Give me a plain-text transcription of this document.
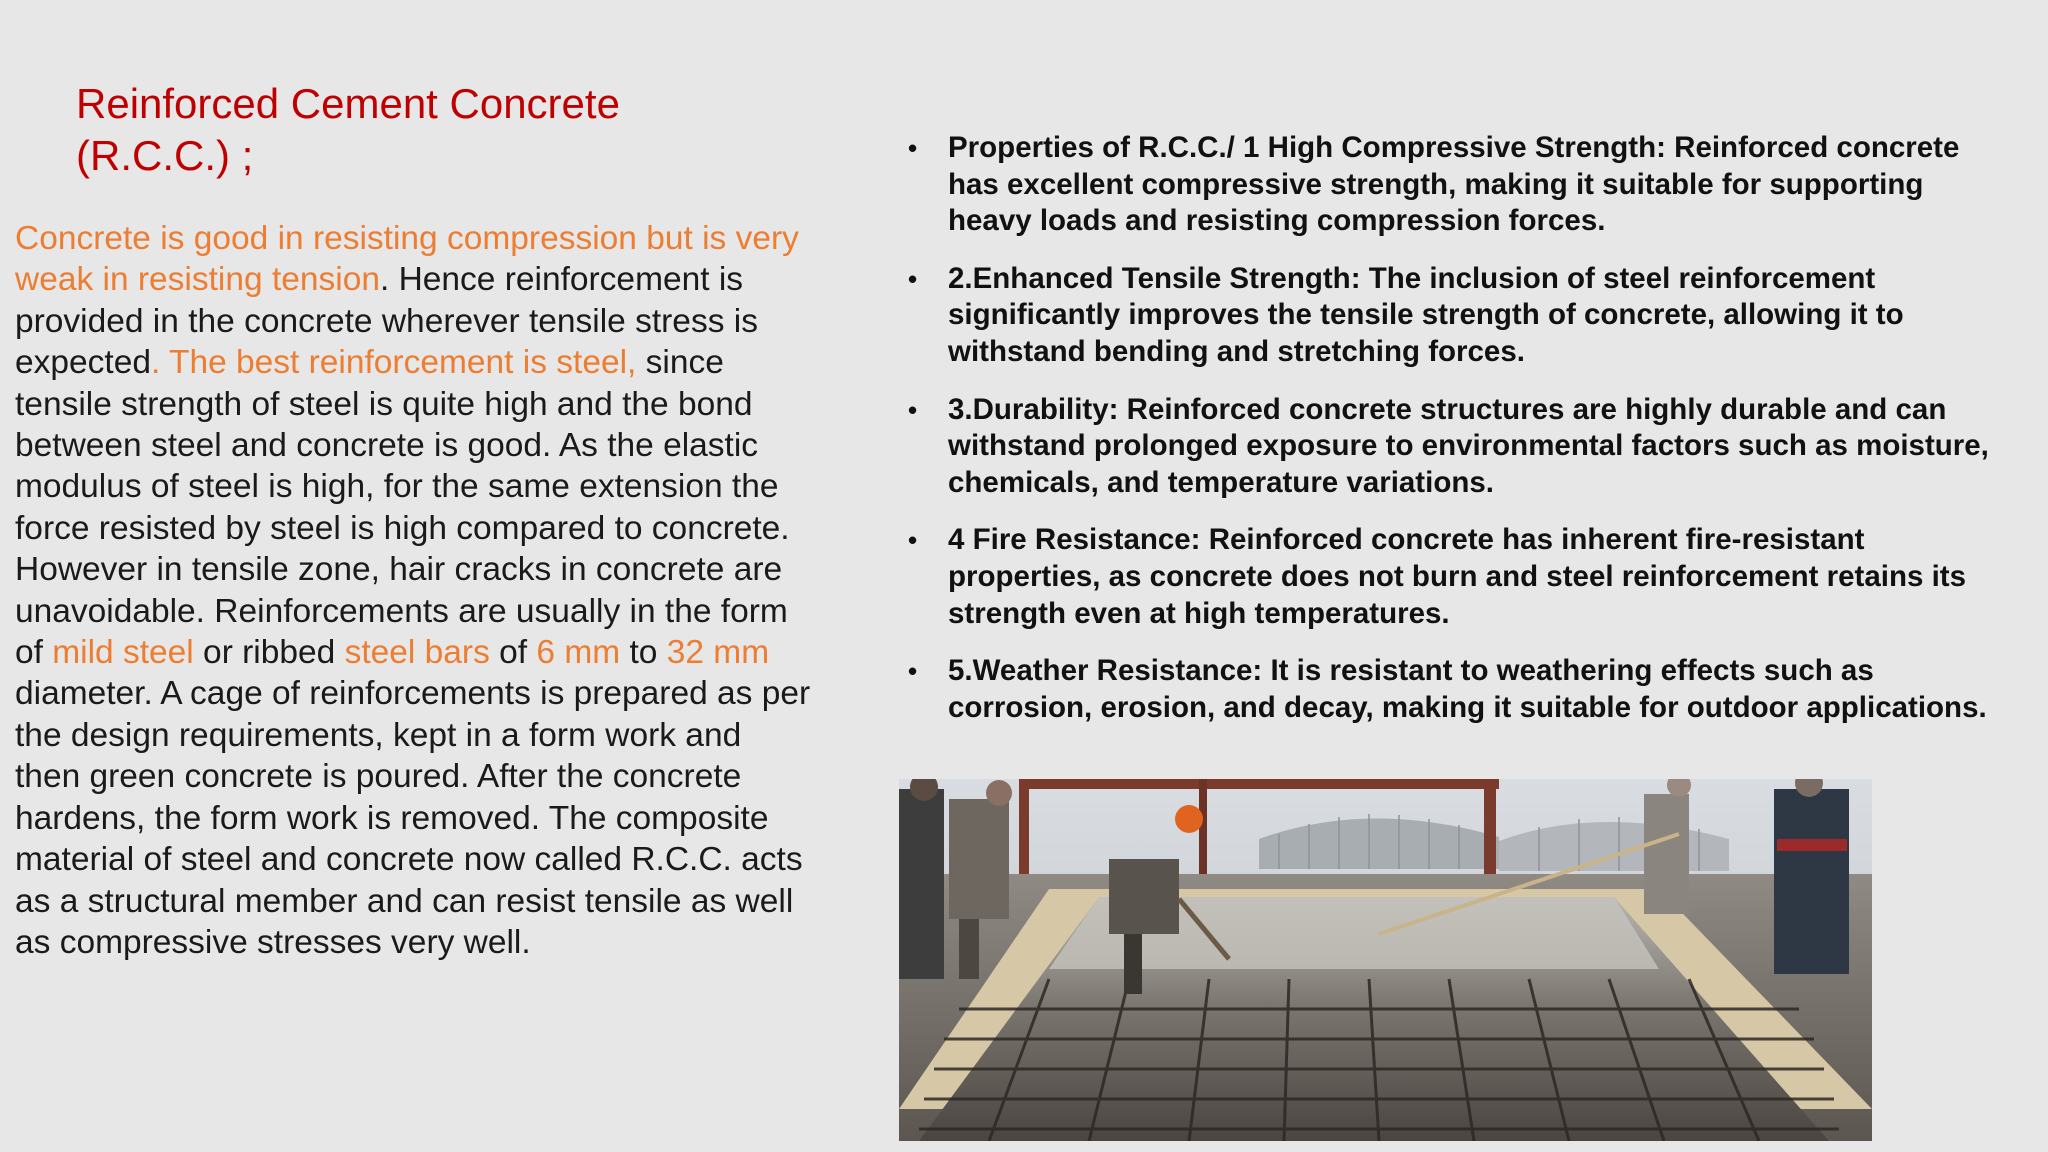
Reinforced Cement Concrete (R.C.C.) ;
Concrete is good in resisting compression but is very weak in resisting tension. Hence reinforcement is provided in the concrete wherever tensile stress is expected. The best reinforcement is steel, since tensile strength of steel is quite high and the bond between steel and concrete is good. As the elastic modulus of steel is high, for the same extension the force resisted by steel is high compared to concrete. However in tensile zone, hair cracks in concrete are unavoidable. Reinforcements are usually in the form of mild steel or ribbed steel bars of 6 mm to 32 mm diameter. A cage of reinforcements is prepared as per the design requirements, kept in a form work and then green concrete is poured. After the concrete hardens, the form work is removed. The composite material of steel and concrete now called R.C.C. acts as a structural member and can resist tensile as well as compressive stresses very well.
• Properties of R.C.C./ 1 High Compressive Strength: Reinforced concrete has excellent compressive strength, making it suitable for supporting heavy loads and resisting compression forces.
• 2.Enhanced Tensile Strength: The inclusion of steel reinforcement significantly improves the tensile strength of concrete, allowing it to withstand bending and stretching forces.
• 3.Durability: Reinforced concrete structures are highly durable and can withstand prolonged exposure to environmental factors such as moisture, chemicals, and temperature variations.
• 4 Fire Resistance: Reinforced concrete has inherent fire-resistant properties, as concrete does not burn and steel reinforcement retains its strength even at high temperatures.
• 5.Weather Resistance: It is resistant to weathering effects such as corrosion, erosion, and decay, making it suitable for outdoor applications.
